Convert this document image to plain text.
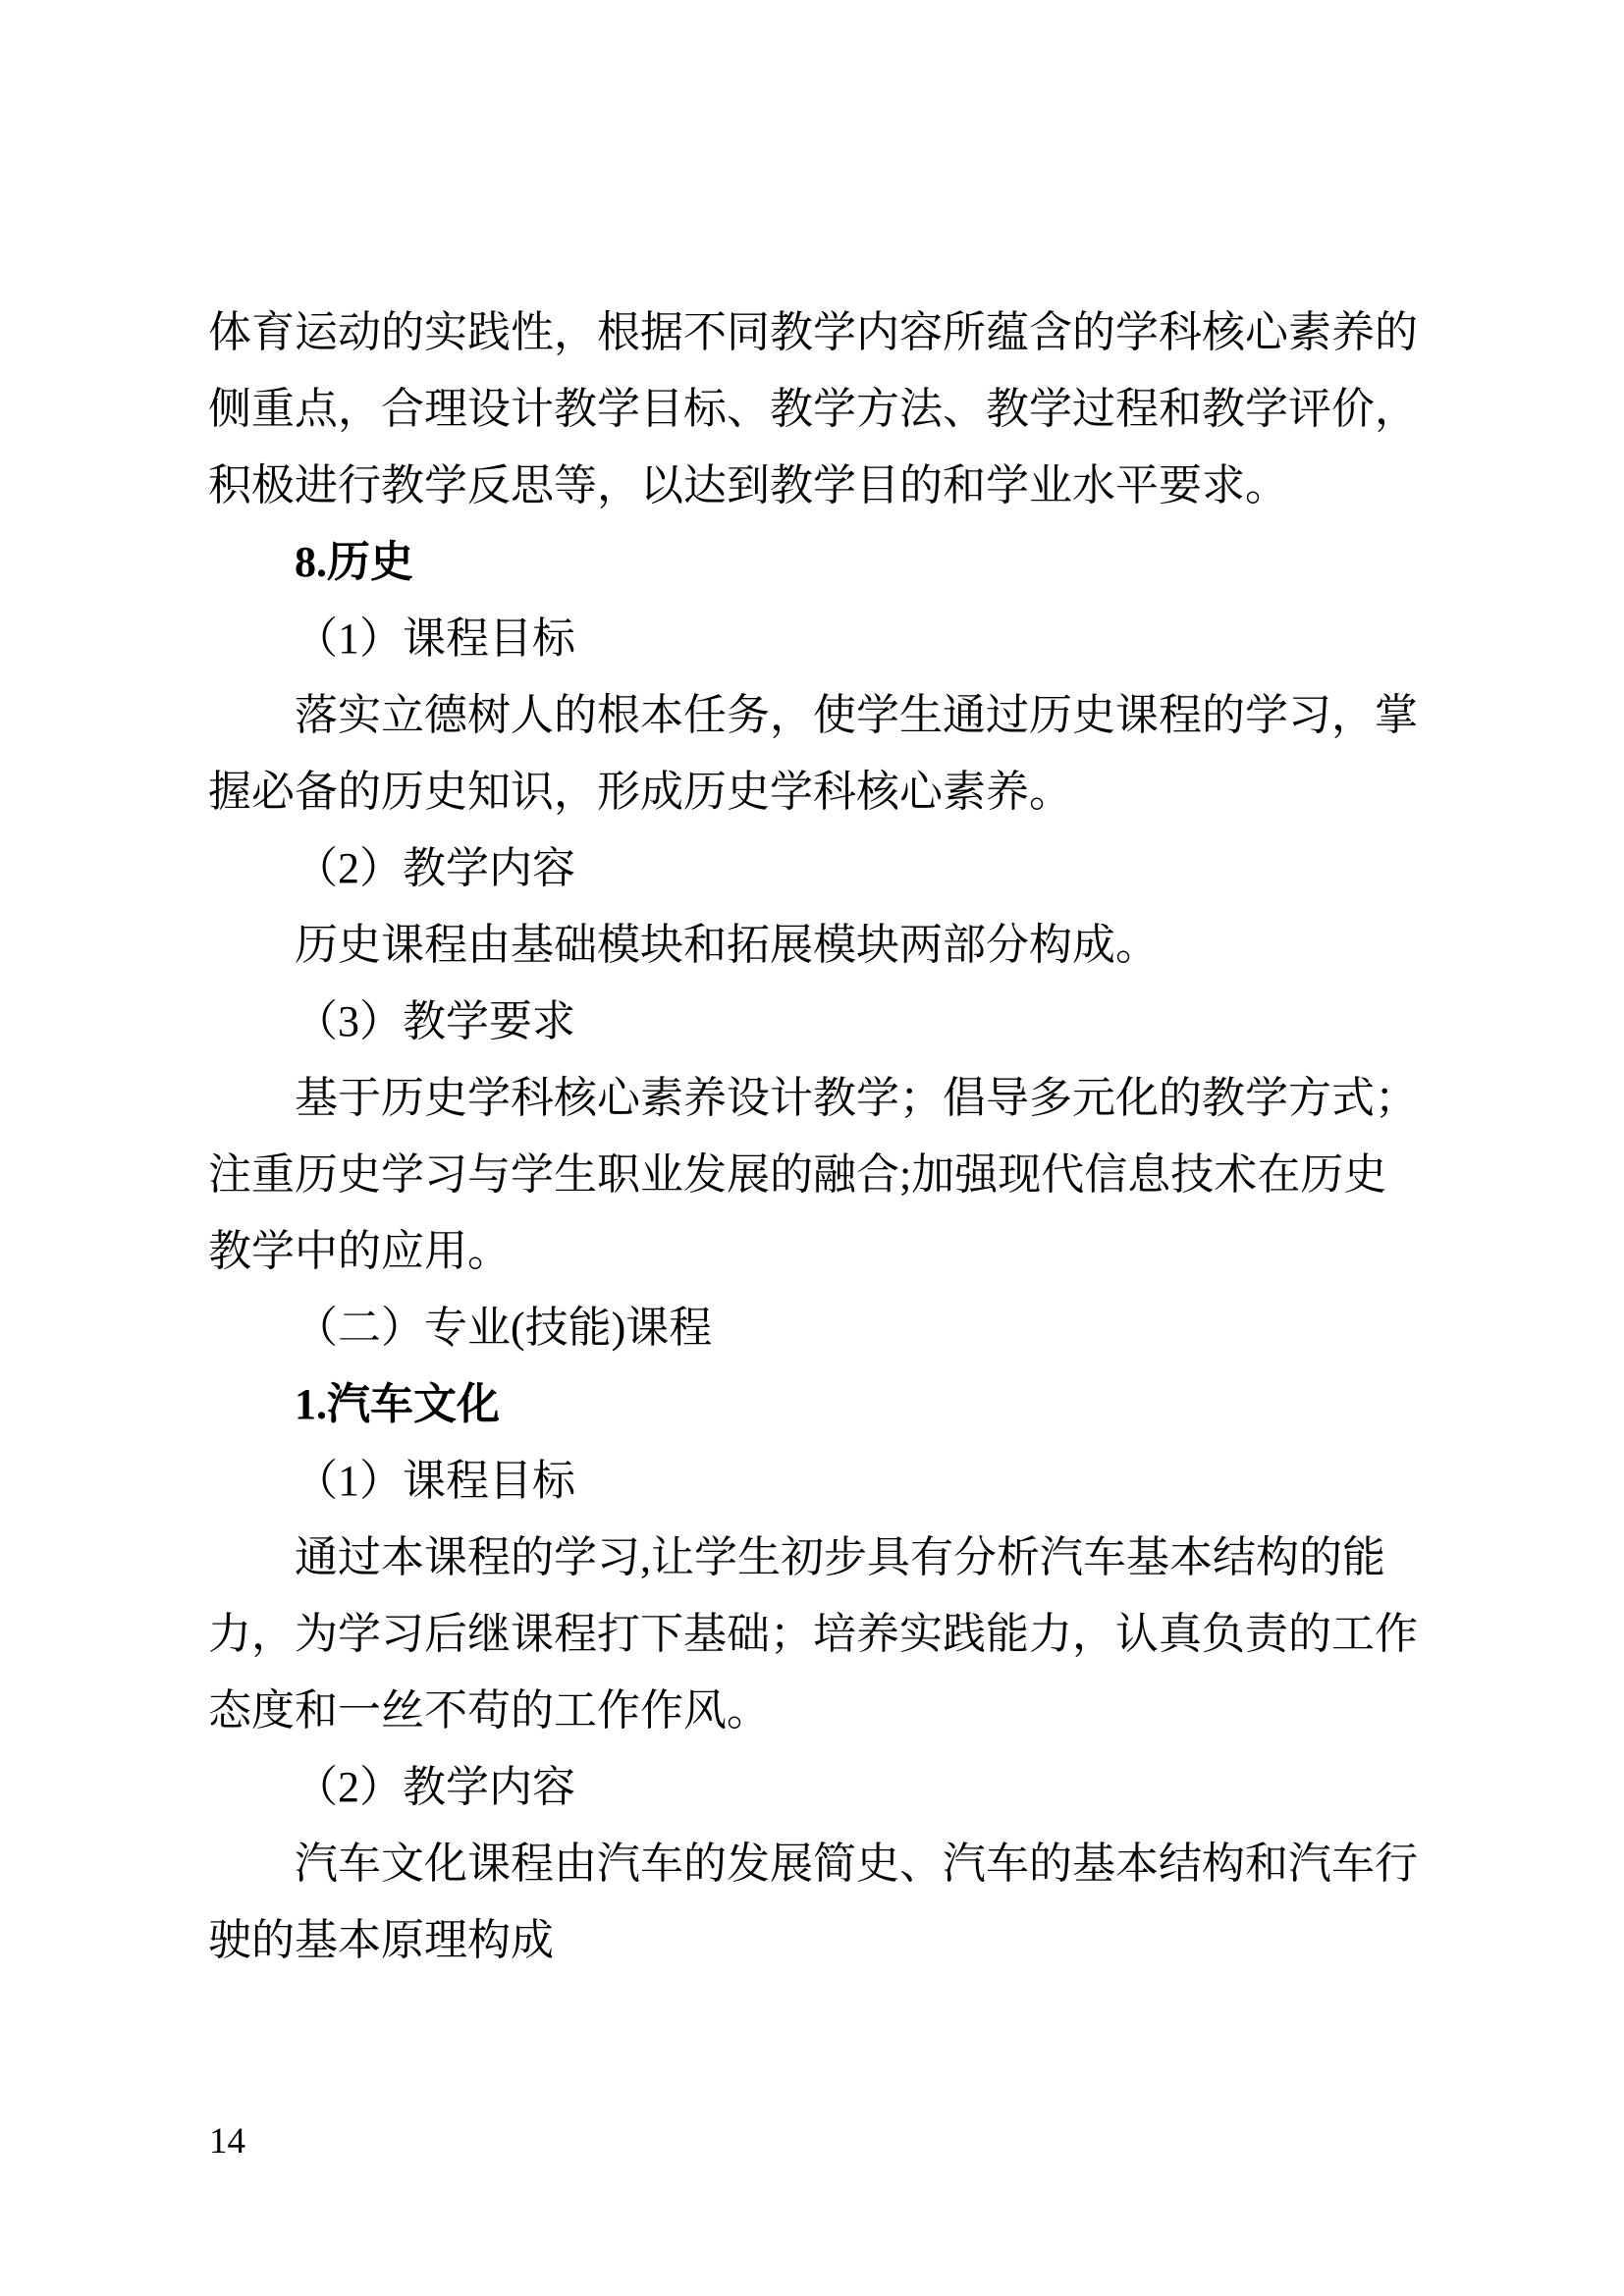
体育运动的实践性，根据不同教学内容所蕴含的学科核心素养的
侧重点，合理设计教学目标、教学方法、教学过程和教学评价，
积极进行教学反思等，以达到教学目的和学业水平要求。
8.历史
（1）课程目标
落实立德树人的根本任务，使学生通过历史课程的学习，掌
握必备的历史知识，形成历史学科核心素养。
（2）教学内容
历史课程由基础模块和拓展模块两部分构成。
（3）教学要求
基于历史学科核心素养设计教学；倡导多元化的教学方式；
注重历史学习与学生职业发展的融合;加强现代信息技术在历史
教学中的应用。
（二）专业(技能)课程
1.汽车文化
（1）课程目标
通过本课程的学习,让学生初步具有分析汽车基本结构的能
力，为学习后继课程打下基础；培养实践能力，认真负责的工作
态度和一丝不苟的工作作风。
（2）教学内容
汽车文化课程由汽车的发展简史、汽车的基本结构和汽车行
驶的基本原理构成
14
